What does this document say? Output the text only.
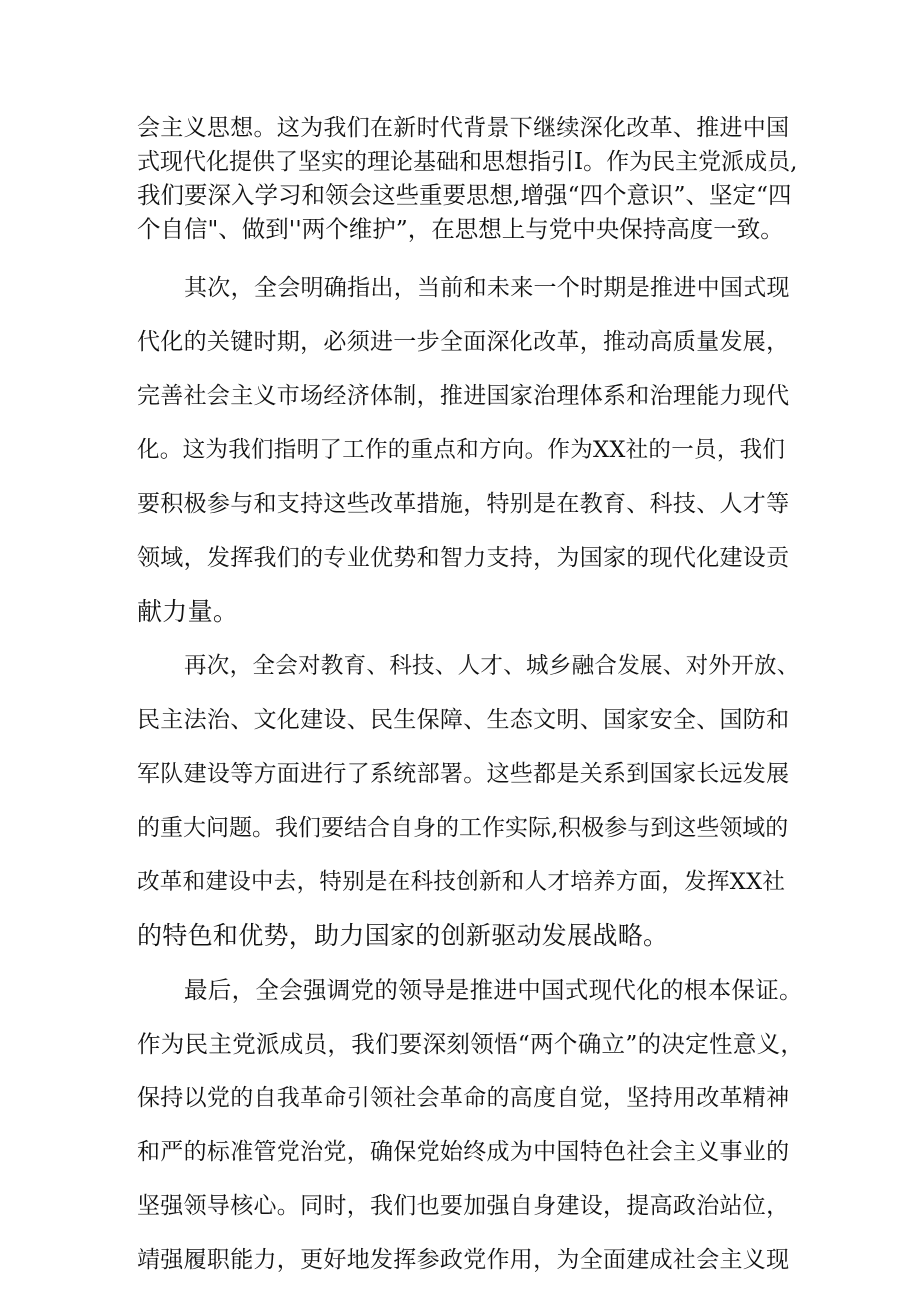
会主义思想。这为我们在新时代背景下继续深化改革、推进中国
式现代化提供了坚实的理论基础和思想指引I。作为民主党派成员,
我们要深入学习和领会这些重要思想,增强“四个意识”、坚定“四
个自信"、做到''两个维护”，在思想上与党中央保持高度一致。
其次，全会明确指出，当前和未来一个时期是推进中国式现
代化的关键时期，必须进一步全面深化改革，推动高质量发展，
完善社会主义市场经济体制，推进国家治理体系和治理能力现代
化。这为我们指明了工作的重点和方向。作为XX社的一员，我们
要积极参与和支持这些改革措施，特别是在教育、科技、人才等
领域，发挥我们的专业优势和智力支持，为国家的现代化建设贡
献力量。
再次，全会对教育、科技、人才、城乡融合发展、对外开放、
民主法治、文化建设、民生保障、生态文明、国家安全、国防和
军队建设等方面进行了系统部署。这些都是关系到国家长远发展
的重大问题。我们要结合自身的工作实际,积极参与到这些领域的
改革和建设中去，特别是在科技创新和人才培养方面，发挥XX社
的特色和优势，助力国家的创新驱动发展战略。
最后，全会强调党的领导是推进中国式现代化的根本保证。
作为民主党派成员，我们要深刻领悟“两个确立”的决定性意义，
保持以党的自我革命引领社会革命的高度自觉，坚持用改革精神
和严的标准管党治党，确保党始终成为中国特色社会主义事业的
坚强领导核心。同时，我们也要加强自身建设，提高政治站位，
靖强履职能力，更好地发挥参政党作用，为全面建成社会主义现
